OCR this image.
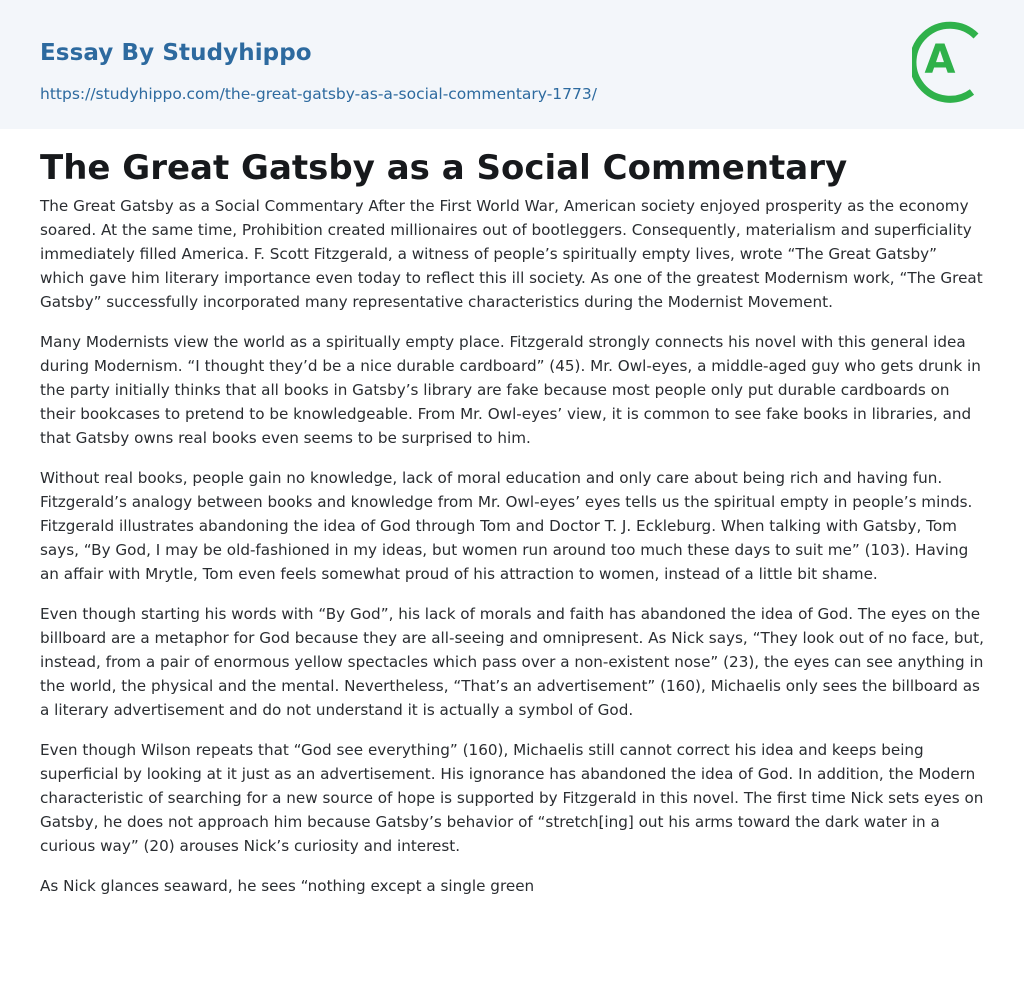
Essay By Studyhippo
https://studyhippo.com/the-great-gatsby-as-a-social-commentary-1773/
A
The Great Gatsby as a Social Commentary

The Great Gatsby as a Social Commentary After the First World War, American society enjoyed prosperity as the economy soared. At the same time, Prohibition created millionaires out of bootleggers. Consequently, materialism and superficiality immediately filled America. F. Scott Fitzgerald, a witness of people’s spiritually empty lives, wrote “The Great Gatsby” which gave him literary importance even today to reflect this ill society. As one of the greatest Modernism work, “The Great Gatsby” successfully incorporated many representative characteristics during the Modernist Movement.

Many Modernists view the world as a spiritually empty place. Fitzgerald strongly connects his novel with this general idea during Modernism. “I thought they’d be a nice durable cardboard” (45). Mr. Owl-eyes, a middle-aged guy who gets drunk in the party initially thinks that all books in Gatsby’s library are fake because most people only put durable cardboards on their bookcases to pretend to be knowledgeable. From Mr. Owl-eyes’ view, it is common to see fake books in libraries, and that Gatsby owns real books even seems to be surprised to him.

Without real books, people gain no knowledge, lack of moral education and only care about being rich and having fun. Fitzgerald’s analogy between books and knowledge from Mr. Owl-eyes’ eyes tells us the spiritual empty in people’s minds. Fitzgerald illustrates abandoning the idea of God through Tom and Doctor T. J. Eckleburg. When talking with Gatsby, Tom says, “By God, I may be old-fashioned in my ideas, but women run around too much these days to suit me” (103). Having an affair with Mrytle, Tom even feels somewhat proud of his attraction to women, instead of a little bit shame.

Even though starting his words with “By God”, his lack of morals and faith has abandoned the idea of God. The eyes on the billboard are a metaphor for God because they are all-seeing and omnipresent. As Nick says, “They look out of no face, but, instead, from a pair of enormous yellow spectacles which pass over a non-existent nose” (23), the eyes can see anything in the world, the physical and the mental. Nevertheless, “That’s an advertisement” (160), Michaelis only sees the billboard as a literary advertisement and do not understand it is actually a symbol of God.

Even though Wilson repeats that “God see everything” (160), Michaelis still cannot correct his idea and keeps being superficial by looking at it just as an advertisement. His ignorance has abandoned the idea of God. In addition, the Modern characteristic of searching for a new source of hope is supported by Fitzgerald in this novel. The first time Nick sets eyes on Gatsby, he does not approach him because Gatsby’s behavior of “stretch[ing] out his arms toward the dark water in a curious way” (20) arouses Nick’s curiosity and interest.

As Nick glances seaward, he sees “nothing except a single green
